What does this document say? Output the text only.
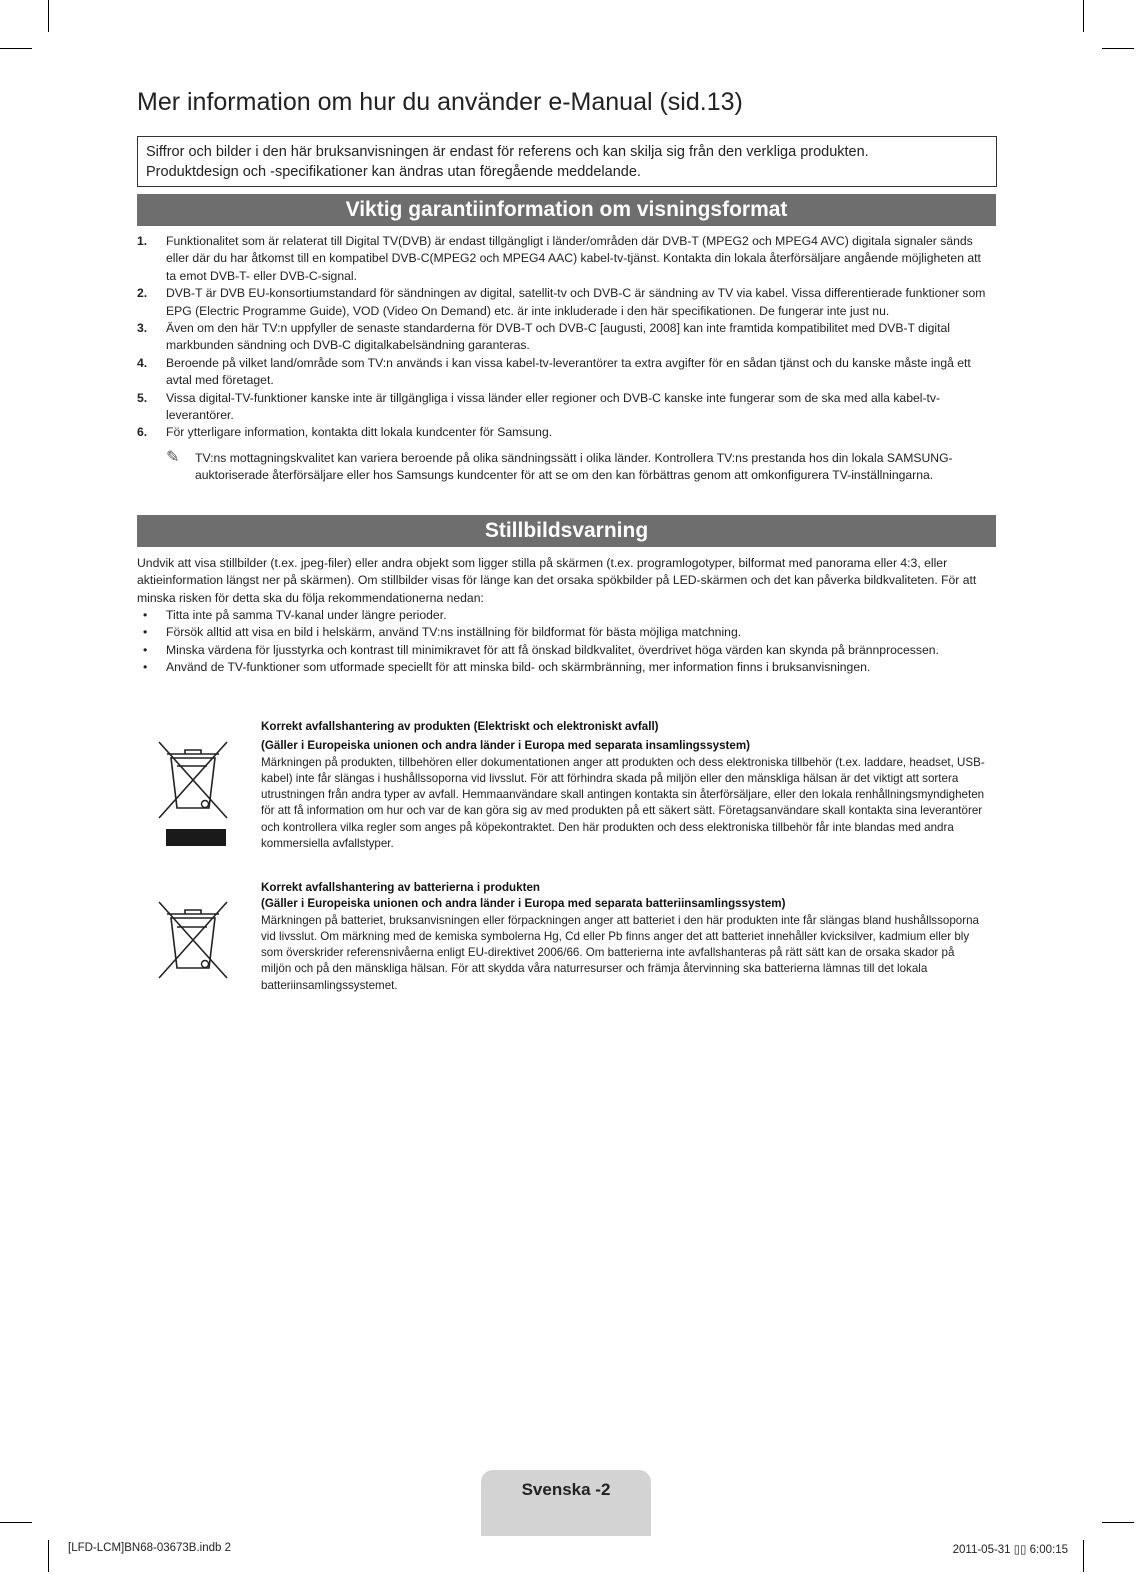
Mer information om hur du använder e-Manual (sid.13)
Siffror och bilder i den här bruksanvisningen är endast för referens och kan skilja sig från den verkliga produkten.
Produktdesign och -specifikationer kan ändras utan föregående meddelande.
Viktig garantiinformation om visningsformat
1. Funktionalitet som är relaterat till Digital TV(DVB) är endast tillgängligt i länder/områden där DVB-T (MPEG2 och MPEG4 AVC) digitala signaler sänds eller där du har åtkomst till en kompatibel DVB-C(MPEG2 och MPEG4 AAC) kabel-tv-tjänst. Kontakta din lokala återförsäljare angående möjligheten att ta emot DVB-T- eller DVB-C-signal.
2. DVB-T är DVB EU-konsortiumstandard för sändningen av digital, satellit-tv och DVB-C är sändning av TV via kabel. Vissa differentierade funktioner som EPG (Electric Programme Guide), VOD (Video On Demand) etc. är inte inkluderade i den här specifikationen. De fungerar inte just nu.
3. Även om den här TV:n uppfyller de senaste standarderna för DVB-T och DVB-C [augusti, 2008] kan inte framtida kompatibilitet med DVB-T digital markbunden sändning och DVB-C digitalkabelsändning garanteras.
4. Beroende på vilket land/område som TV:n används i kan vissa kabel-tv-leverantörer ta extra avgifter för en sådan tjänst och du kanske måste ingå ett avtal med företaget.
5. Vissa digital-TV-funktioner kanske inte är tillgängliga i vissa länder eller regioner och DVB-C kanske inte fungerar som de ska med alla kabel-tv-leverantörer.
6. För ytterligare information, kontakta ditt lokala kundcenter för Samsung.
✎ TV:ns mottagningskvalitet kan variera beroende på olika sändningssätt i olika länder. Kontrollera TV:ns prestanda hos din lokala SAMSUNG-auktoriserade återförsäljare eller hos Samsungs kundcenter för att se om den kan förbättras genom att omkonfigurera TV-inställningarna.
Stillbildsvarning
Undvik att visa stillbilder (t.ex. jpeg-filer) eller andra objekt som ligger stilla på skärmen (t.ex. programlogotyper, bilformat med panorama eller 4:3, eller aktieinformation längst ner på skärmen). Om stillbilder visas för länge kan det orsaka spökbilder på LED-skärmen och det kan påverka bildkvaliteten. För att minska risken för detta ska du följa rekommendationerna nedan:
• Titta inte på samma TV-kanal under längre perioder.
• Försök alltid att visa en bild i helskärm, använd TV:ns inställning för bildformat för bästa möjliga matchning.
• Minska värdena för ljusstyrka och kontrast till minimikravet för att få önskad bildkvalitet, överdrivet höga värden kan skynda på brännprocessen.
• Använd de TV-funktioner som utformade speciellt för att minska bild- och skärmbränning, mer information finns i bruksanvisningen.
Korrekt avfallshantering av produkten (Elektriskt och elektroniskt avfall)
(Gäller i Europeiska unionen och andra länder i Europa med separata insamlingssystem)
Märkningen på produkten, tillbehören eller dokumentationen anger att produkten och dess elektroniska tillbehör (t.ex. laddare, headset, USB-kabel) inte får slängas i hushållssoporna vid livsslut. För att förhindra skada på miljön eller den mänskliga hälsan är det viktigt att sortera utrustningen från andra typer av avfall. Hemmaanvändare skall antingen kontakta sin återförsäljare, eller den lokala renhållningsmyndigheten för att få information om hur och var de kan göra sig av med produkten på ett säkert sätt. Företagsanvändare skall kontakta sina leverantörer och kontrollera vilka regler som anges på köpekontraktet. Den här produkten och dess elektroniska tillbehör får inte blandas med andra kommersiella avfallstyper.
Korrekt avfallshantering av batterierna i produkten
(Gäller i Europeiska unionen och andra länder i Europa med separata batteriinsamlingssystem)
Märkningen på batteriet, bruksanvisningen eller förpackningen anger att batteriet i den här produkten inte får slängas bland hushållssoporna vid livsslut. Om märkning med de kemiska symbolerna Hg, Cd eller Pb finns anger det att batteriet innehåller kvicksilver, kadmium eller bly som överskrider referensnivåerna enligt EU-direktivet 2006/66. Om batterierna inte avfallshanteras på rätt sätt kan de orsaka skador på miljön och på den mänskliga hälsan. För att skydda våra naturresurser och främja återvinning ska batterierna lämnas till det lokala batteriinsamlingssystemet.
Svenska -2
[LFD-LCM]BN68-03673B.indb 2	2011-05-31 ▯▯ 6:00:15
